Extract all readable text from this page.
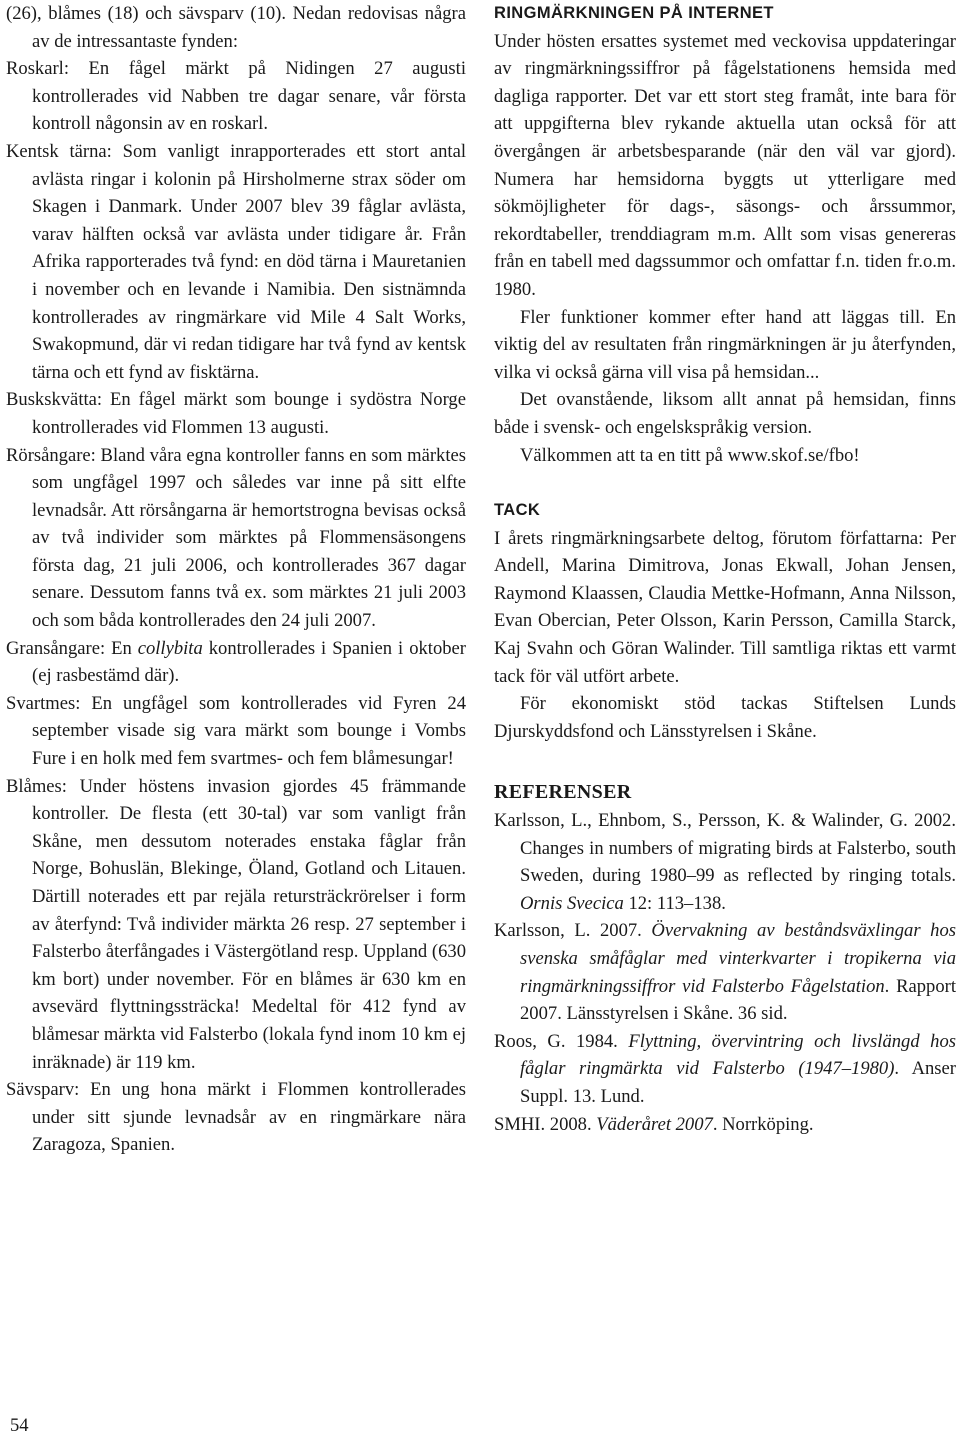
(26), blåmes (18) och sävsparv (10). Nedan redovisas några av de intressantaste fynden:

Roskarl: En fågel märkt på Nidingen 27 augusti kontrollerades vid Nabben tre dagar senare, vår första kontroll någonsin av en roskarl.

Kentsk tärna: Som vanligt inrapporterades ett stort antal avlästa ringar i kolonin på Hirsholmerne strax söder om Skagen i Danmark. Under 2007 blev 39 fåglar avlästa, varav hälften också var avlästa under tidigare år. Från Afrika rapporterades två fynd: en död tärna i Mauretanien i november och en levande i Namibia. Den sistnämnda kontrollerades av ringmärkare vid Mile 4 Salt Works, Swakopmund, där vi redan tidigare har två fynd av kentsk tärna och ett fynd av fisktärna.

Buskskvätta: En fågel märkt som bounge i sydöstra Norge kontrollerades vid Flommen 13 augusti.

Rörsångare: Bland våra egna kontroller fanns en som märktes som ungfågel 1997 och således var inne på sitt elfte levnadsår. Att rörsångarna är hemortstrogna bevisas också av två individer som märktes på Flommensäsongens första dag, 21 juli 2006, och kontrollerades 367 dagar senare. Dessutom fanns två ex. som märktes 21 juli 2003 och som båda kontrollerades den 24 juli 2007.

Gransångare: En collybita kontrollerades i Spanien i oktober (ej rasbestämd där).

Svartmes: En ungfågel som kontrollerades vid Fyren 24 september visade sig vara märkt som bounge i Vombs Fure i en holk med fem svartmes- och fem blåmesungar!

Blåmes: Under höstens invasion gjordes 45 främmande kontroller. De flesta (ett 30-tal) var som vanligt från Skåne, men dessutom noterades enstaka fåglar från Norge, Bohuslän, Blekinge, Öland, Gotland och Litauen. Därtill noterades ett par rejäla retursträckrörelser i form av återfynd: Två individer märkta 26 resp. 27 september i Falsterbo återfångades i Västergötland resp. Uppland (630 km bort) under november. För en blåmes är 630 km en avsevärd flyttningssträcka! Medeltal för 412 fynd av blåmesar märkta vid Falsterbo (lokala fynd inom 10 km ej inräknade) är 119 km.

Sävsparv: En ung hona märkt i Flommen kontrollerades under sitt sjunde levnadsår av en ringmärkare nära Zaragoza, Spanien.

RINGMÄRKNINGEN PÅ INTERNET

Under hösten ersattes systemet med veckovisa uppdateringar av ringmärkningssiffror på fågelstationens hemsida med dagliga rapporter. Det var ett stort steg framåt, inte bara för att uppgifterna blev rykande aktuella utan också för att övergången är arbetsbesparande (när den väl var gjord). Numera har hemsidorna byggts ut ytterligare med sökmöjligheter för dags-, säsongs- och årssummor, rekordtabeller, trenddiagram m.m. Allt som visas genereras från en tabell med dagssummor och omfattar f.n. tiden fr.o.m. 1980.

Fler funktioner kommer efter hand att läggas till. En viktig del av resultaten från ringmärkningen är ju återfynden, vilka vi också gärna vill visa på hemsidan...

Det ovanstående, liksom allt annat på hemsidan, finns både i svensk- och engelskspråkig version.

Välkommen att ta en titt på www.skof.se/fbo!

TACK

I årets ringmärkningsarbete deltog, förutom författarna: Per Andell, Marina Dimitrova, Jonas Ekwall, Johan Jensen, Raymond Klaassen, Claudia Mettke-Hofmann, Anna Nilsson, Evan Obercian, Peter Olsson, Karin Persson, Camilla Starck, Kaj Svahn och Göran Walinder. Till samtliga riktas ett varmt tack för väl utfört arbete.

För ekonomiskt stöd tackas Stiftelsen Lunds Djurskyddsfond och Länsstyrelsen i Skåne.

REFERENSER

Karlsson, L., Ehnbom, S., Persson, K. & Walinder, G. 2002. Changes in numbers of migrating birds at Falsterbo, south Sweden, during 1980–99 as reflected by ringing totals. Ornis Svecica 12: 113–138.

Karlsson, L. 2007. Övervakning av beståndsväxlingar hos svenska småfåglar med vinterkvarter i tropikerna via ringmärkningssiffror vid Falsterbo Fågelstation. Rapport 2007. Länsstyrelsen i Skåne. 36 sid.

Roos, G. 1984. Flyttning, övervintring och livslängd hos fåglar ringmärkta vid Falsterbo (1947–1980). Anser Suppl. 13. Lund.

SMHI. 2008. Väderåret 2007. Norrköping.

54
